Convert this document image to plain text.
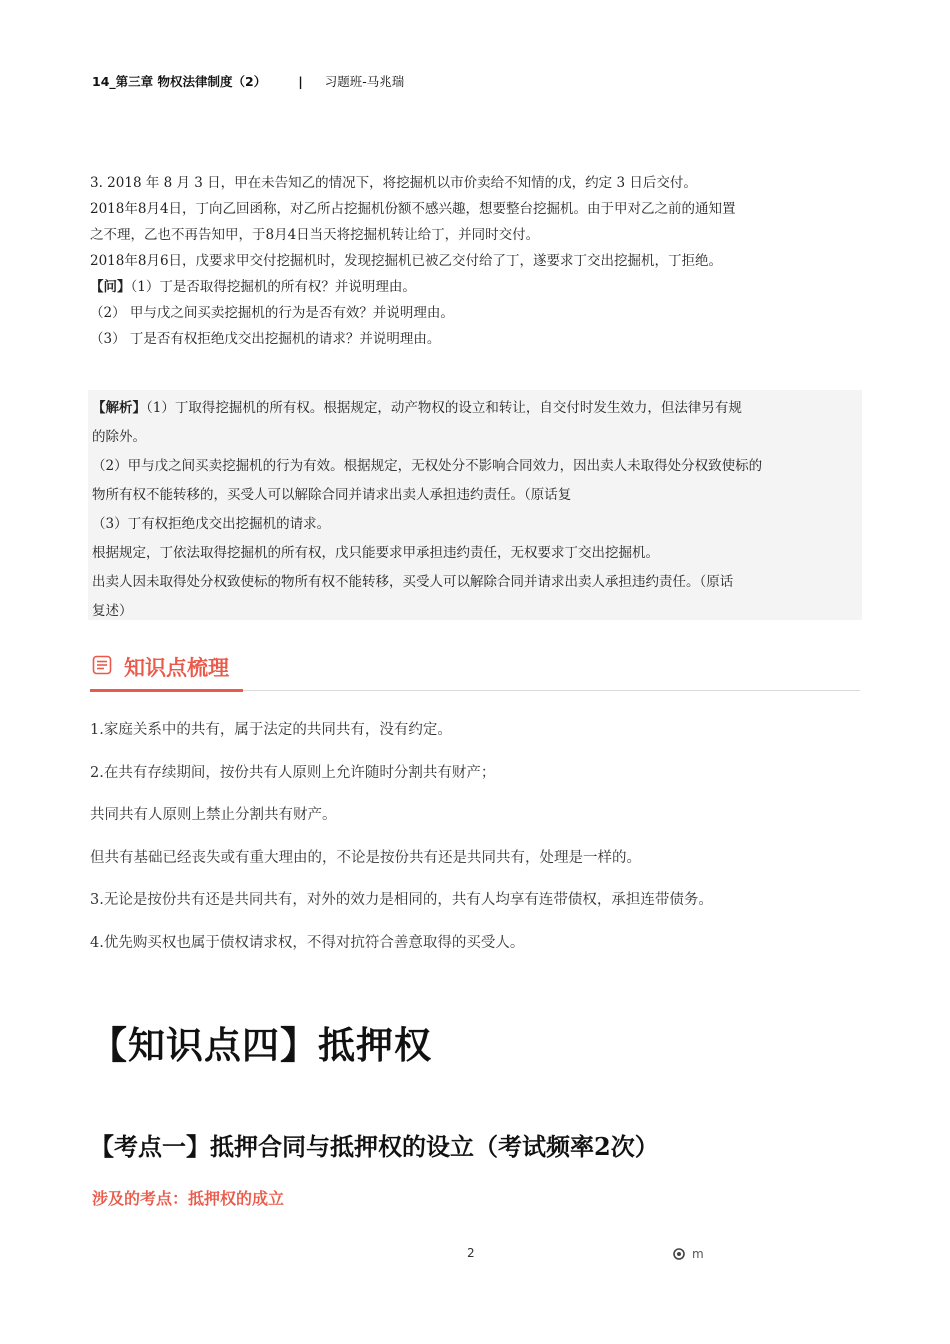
14_第三章 物权法律制度（2）	| 习题班-马兆瑞

3. 2018 年 8 月 3 日，甲在未告知乙的情况下，将挖掘机以市价卖给不知情的戊，约定 3 日后交付。

2018年8月4日，丁向乙回函称，对乙所占挖掘机份额不感兴趣，想要整台挖掘机。由于甲对乙之前的通知置

之不理，乙也不再告知甲，于8月4日当天将挖掘机转让给丁，并同时交付。

2018年8月6日，戊要求甲交付挖掘机时，发现挖掘机已被乙交付给了丁，遂要求丁交出挖掘机，丁拒绝。

【问】（1）丁是否取得挖掘机的所有权？并说明理由。

（2） 甲与戊之间买卖挖掘机的行为是否有效？并说明理由。

（3） 丁是否有权拒绝戊交出挖掘机的请求？并说明理由。

【解析】（1）丁取得挖掘机的所有权。根据规定，动产物权的设立和转让，自交付时发生效力，但法律另有规

的除外。

（2）甲与戊之间买卖挖掘机的行为有效。根据规定，无权处分不影响合同效力，因出卖人未取得处分权致使标的

物所有权不能转移的，买受人可以解除合同并请求出卖人承担违约责任。（原话复

（3）丁有权拒绝戊交出挖掘机的请求。

根据规定，丁依法取得挖掘机的所有权，戊只能要求甲承担违约责任，无权要求丁交出挖掘机。

出卖人因未取得处分权致使标的物所有权不能转移，买受人可以解除合同并请求出卖人承担违约责任。（原话

复述）

知识点梳理

1.家庭关系中的共有，属于法定的共同共有，没有约定。

2.在共有存续期间，按份共有人原则上允许随时分割共有财产；

共同共有人原则上禁止分割共有财产。

但共有基础已经丧失或有重大理由的，不论是按份共有还是共同共有，处理是一样的。

3.无论是按份共有还是共同共有，对外的效力是相同的，共有人均享有连带债权，承担连带债务。

4.优先购买权也属于债权请求权，不得对抗符合善意取得的买受人。

【知识点四】抵押权
【考点一】抵押合同与抵押权的设立（考试频率2次）
涉及的考点：抵押权的成立
2	m
